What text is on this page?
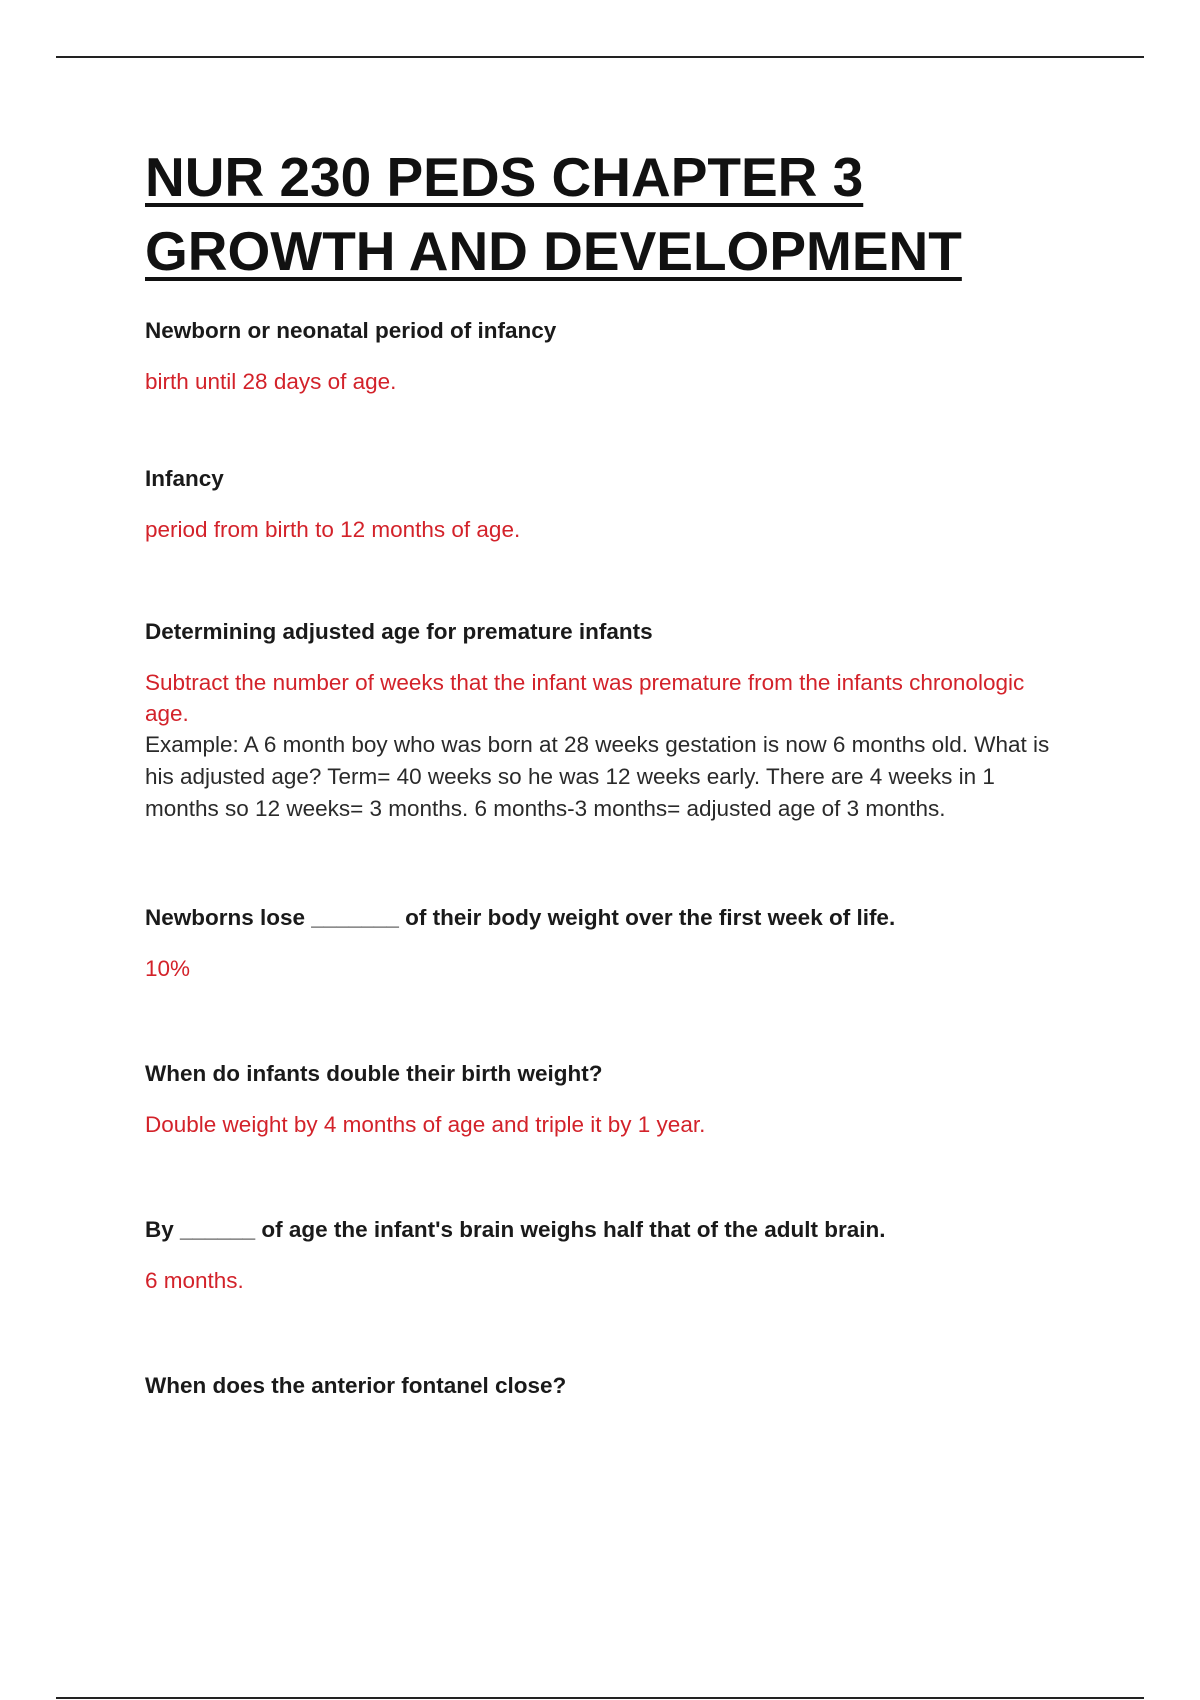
NUR 230 PEDS CHAPTER 3
GROWTH AND DEVELOPMENT

Newborn or neonatal period of infancy

birth until 28 days of age.

Infancy

period from birth to 12 months of age.

Determining adjusted age for premature infants

Subtract the number of weeks that the infant was premature from the infants chronologic age.

Example: A 6 month boy who was born at 28 weeks gestation is now 6 months old. What is his adjusted age? Term= 40 weeks so he was 12 weeks early. There are 4 weeks in 1 months so 12 weeks= 3 months. 6 months-3 months= adjusted age of 3 months.

Newborns lose _______ of their body weight over the first week of life.

10%

When do infants double their birth weight?

Double weight by 4 months of age and triple it by 1 year.

By ______ of age the infant's brain weighs half that of the adult brain.

6 months.

When does the anterior fontanel close?
